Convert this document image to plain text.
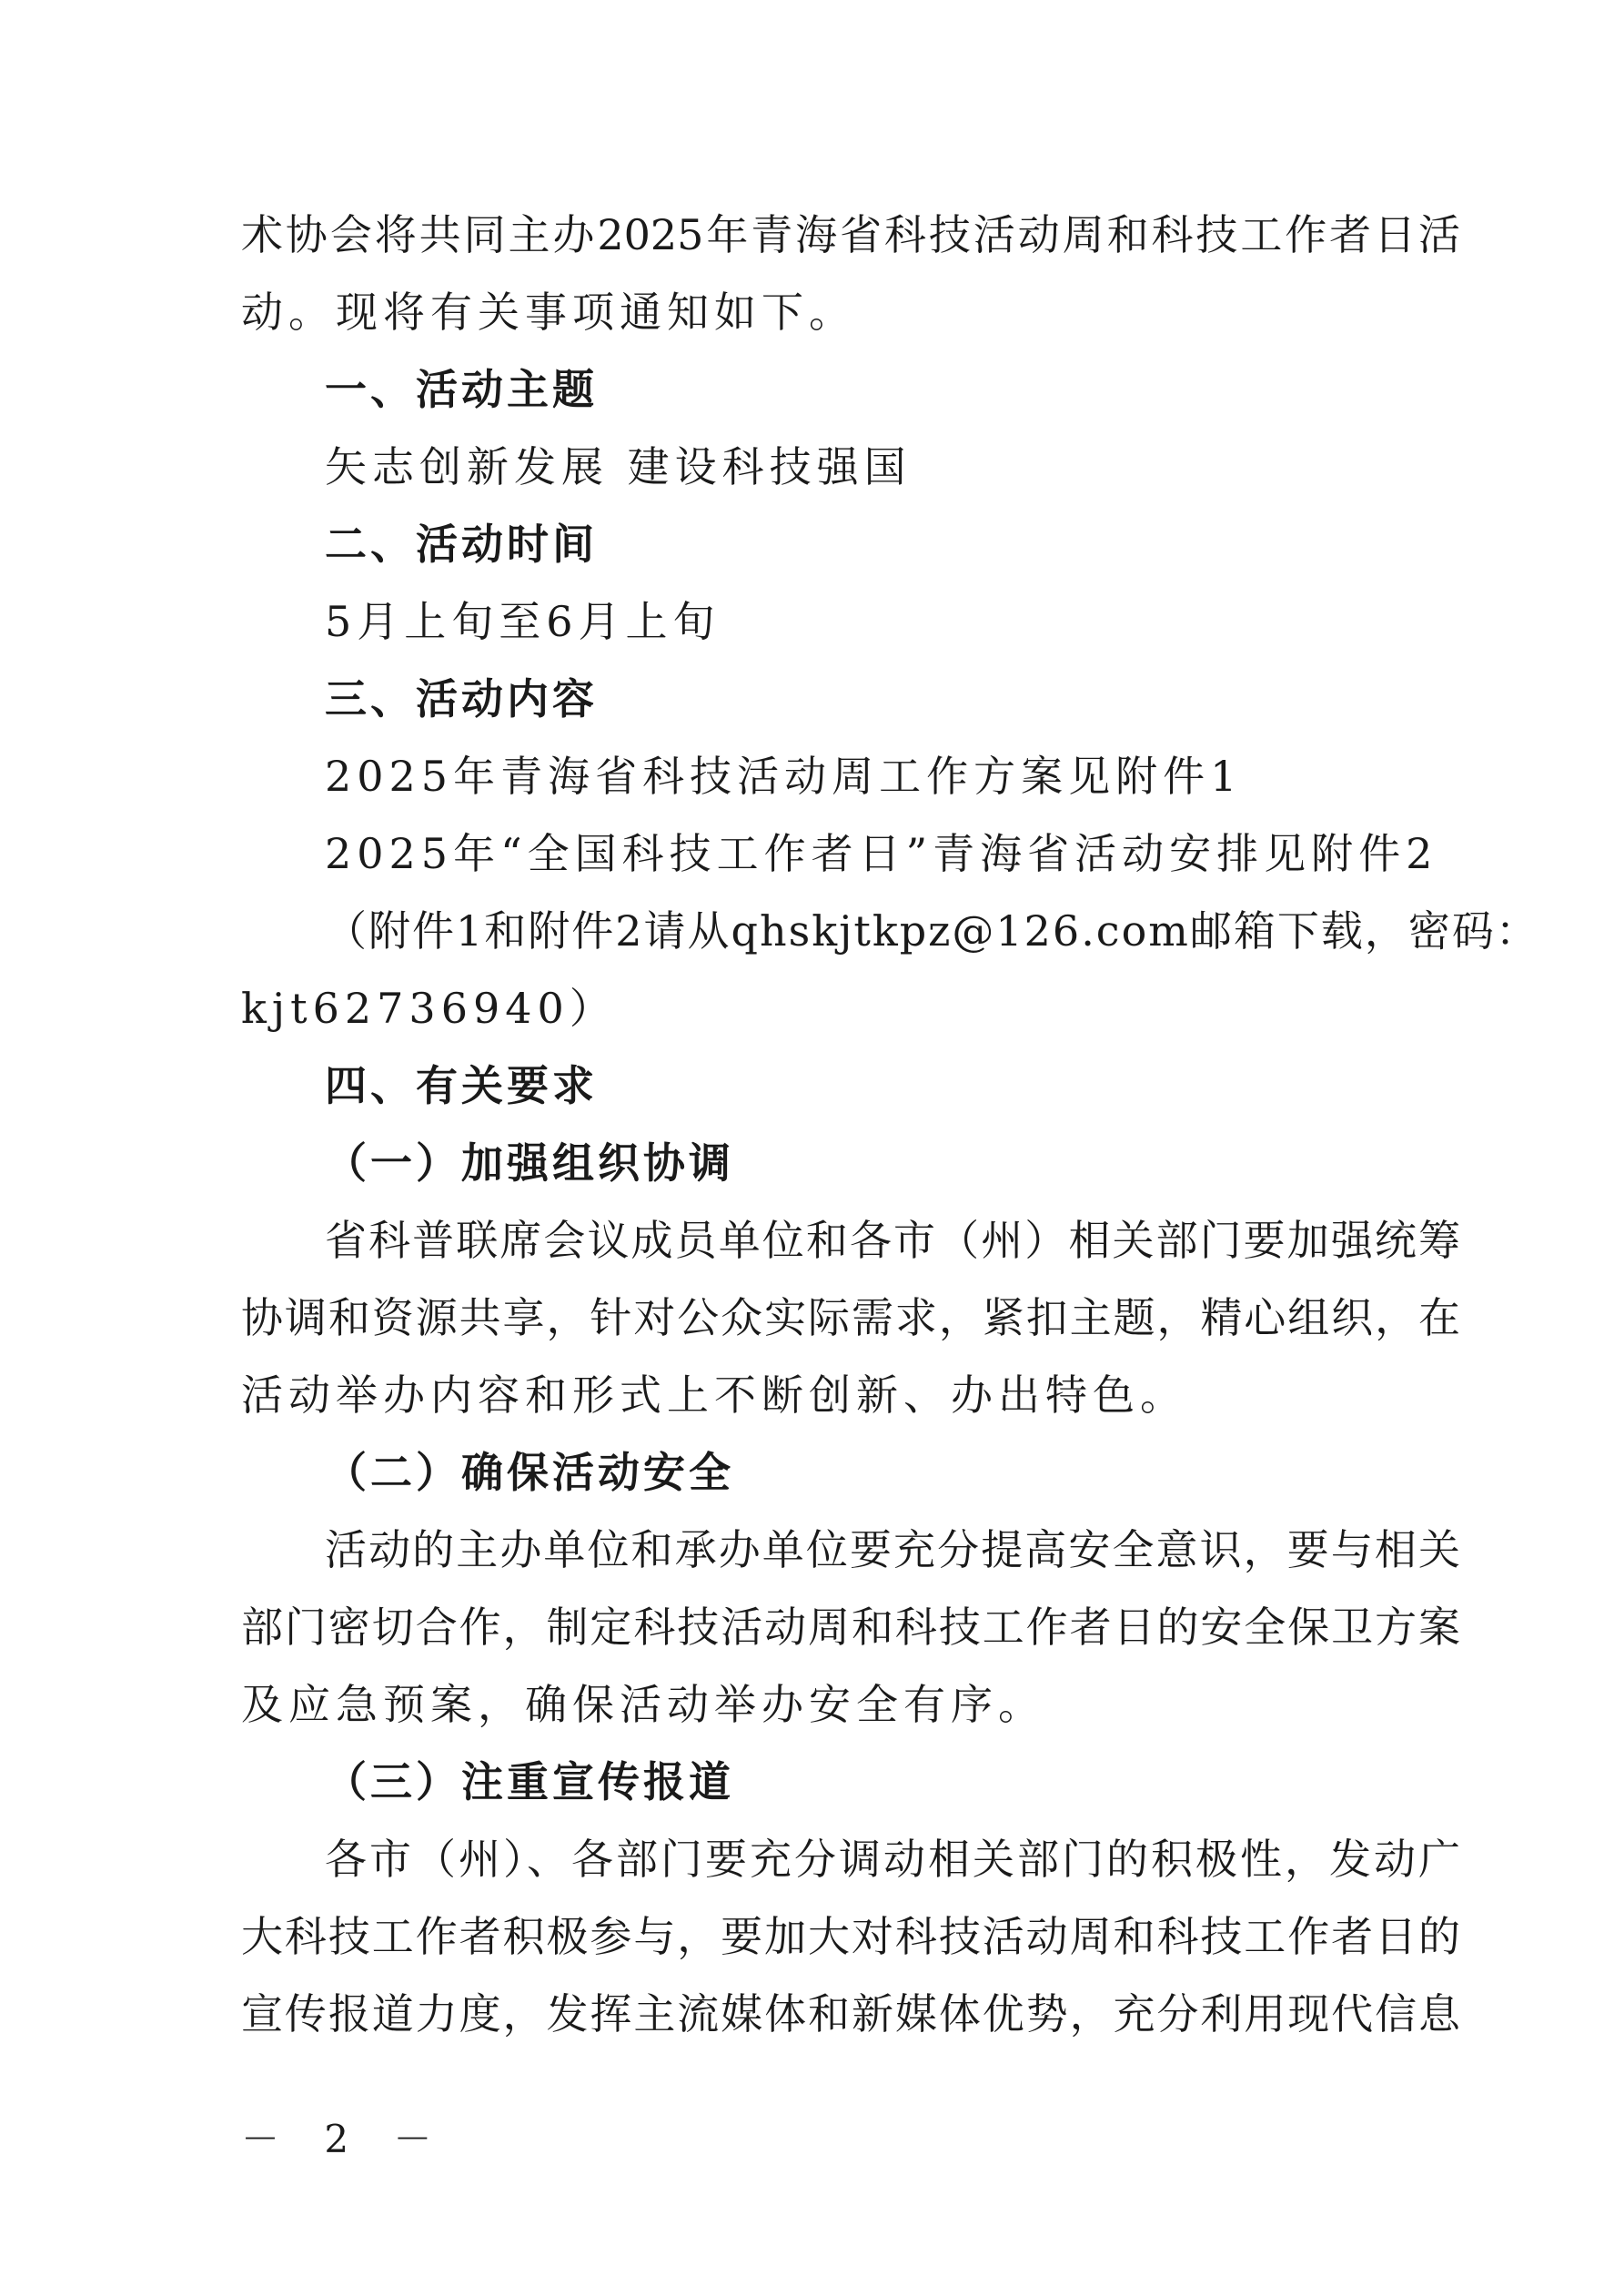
术协会将共同主办2025年青海省科技活动周和科技工作者日活
动。现将有关事项通知如下。
一、活动主题
矢志创新发展 建设科技强国
二、活动时间
5月上旬至6月上旬
三、活动内容
2025年青海省科技活动周工作方案见附件1
2025年“全国科技工作者日”青海省活动安排见附件2
（附件1和附件2请从qhskjtkpz@126.com邮箱下载，密码：
kjt62736940）
四、有关要求
（一）加强组织协调
省科普联席会议成员单位和各市（州）相关部门要加强统筹
协调和资源共享，针对公众实际需求，紧扣主题，精心组织，在
活动举办内容和形式上不断创新、办出特色。
（二）确保活动安全
活动的主办单位和承办单位要充分提高安全意识，要与相关
部门密切合作，制定科技活动周和科技工作者日的安全保卫方案
及应急预案，确保活动举办安全有序。
（三）注重宣传报道
各市（州）、各部门要充分调动相关部门的积极性，发动广
大科技工作者积极参与，要加大对科技活动周和科技工作者日的
宣传报道力度，发挥主流媒体和新媒体优势，充分利用现代信息
－ 2 －
